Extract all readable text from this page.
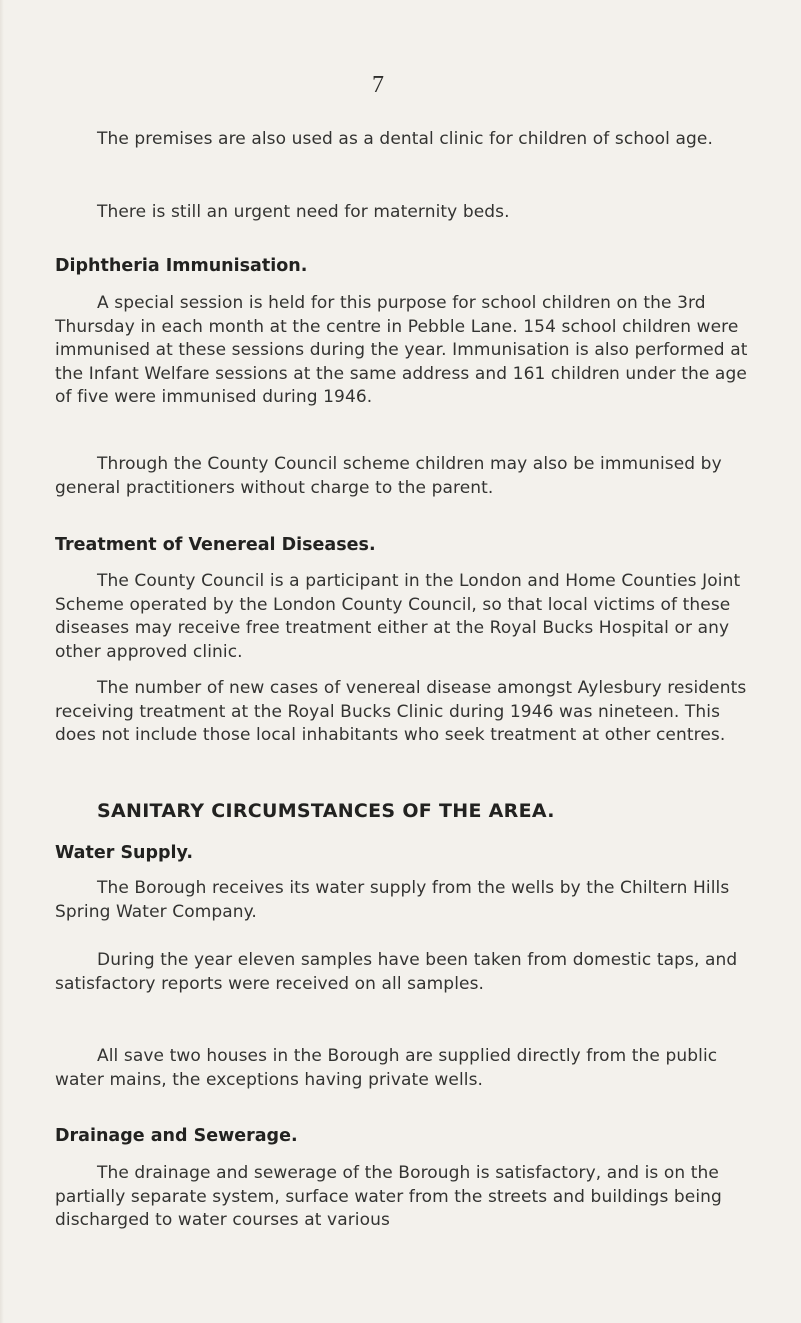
7
The premises are also used as a dental clinic for children of school age.
There is still an urgent need for maternity beds.
Diphtheria Immunisation.
A special session is held for this purpose for school children on the 3rd Thursday in each month at the centre in Pebble Lane. 154 school children were immunised at these sessions during the year. Immunisation is also performed at the Infant Welfare sessions at the same address and 161 children under the age of five were immunised during 1946.
Through the County Council scheme children may also be immunised by general practitioners without charge to the parent.
Treatment of Venereal Diseases.
The County Council is a participant in the London and Home Counties Joint Scheme operated by the London County Council, so that local victims of these diseases may receive free treatment either at the Royal Bucks Hospital or any other approved clinic.
The number of new cases of venereal disease amongst Aylesbury residents receiving treatment at the Royal Bucks Clinic during 1946 was nineteen. This does not include those local inhabitants who seek treatment at other centres.
SANITARY CIRCUMSTANCES OF THE AREA.
Water Supply.
The Borough receives its water supply from the wells by the Chiltern Hills Spring Water Company.
During the year eleven samples have been taken from domestic taps, and satisfactory reports were received on all samples.
All save two houses in the Borough are supplied directly from the public water mains, the exceptions having private wells.
Drainage and Sewerage.
The drainage and sewerage of the Borough is satisfactory, and is on the partially separate system, surface water from the streets and buildings being discharged to water courses at various
